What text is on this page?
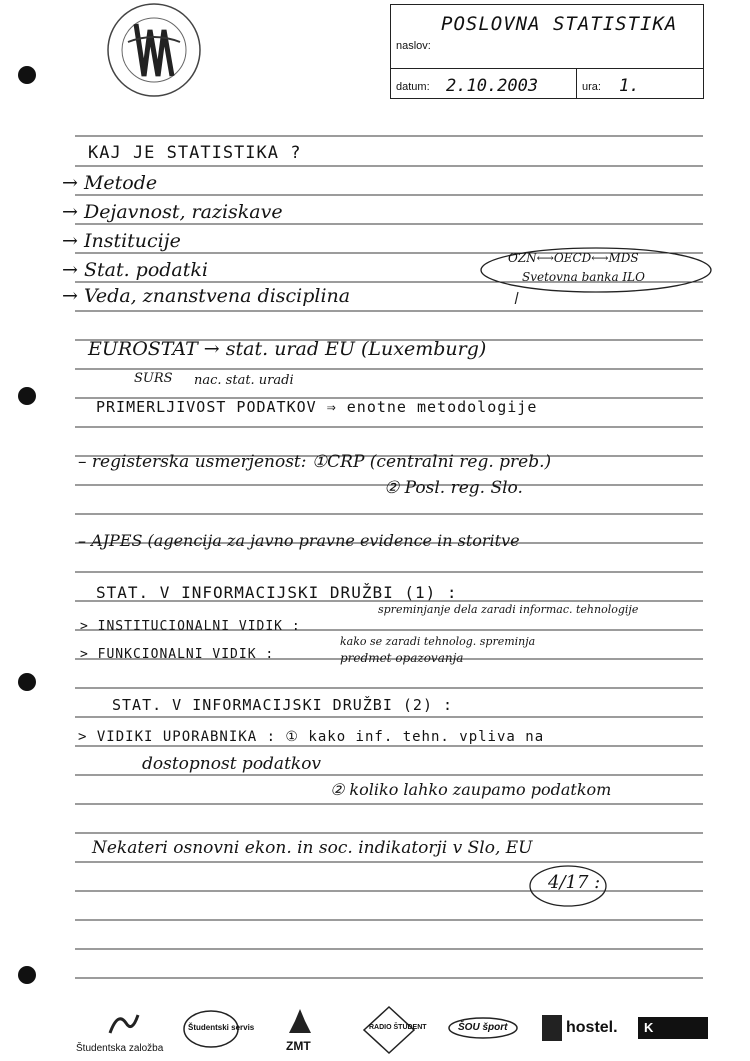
POSLOVNA STATISTIKA
naslov:
datum: 2.10.2003	ura: 1.
KAJ JE STATISTIKA ?
→ Metode
→ Dejavnost, raziskave
→ Institucije
→ Stat. podatki
→ Veda, znanstvena disciplina
OZN⟷OECD⟷MDS
Svetovna banka ILO
EUROSTAT → stat. urad EU (Luxemburg)
SURS nac. stat. uradi
PRIMERLJIVOST PODATKOV ⇒ enotne metodologije
– registerska usmerjenost: ①CRP (centralni reg. preb.)
② Posl. reg. Slo.
– AJPES (agencija za javno pravne evidence in storitve
STAT. V INFORMACIJSKI DRUŽBI (1) :
> INSTITUCIONALNI VIDIK :
spreminjanje dela zaradi informac. tehnologije
> FUNKCIONALNI VIDIK :
kako se zaradi tehnolog. spreminja
predmet opazovanja
STAT. V INFORMACIJSKI DRUŽBI (2) :
> VIDIKI UPORABNIKA : ① kako inf. tehn. vpliva na
dostopnost podatkov
② koliko lahko zaupamo podatkom
Nekateri osnovni ekon. in soc. indikatorji v Slo, EU
4/17 :
Študentska založba
Študentski servis
ZMT
RADIO ŠTUDENT	ŠOU šport	hostel. K
